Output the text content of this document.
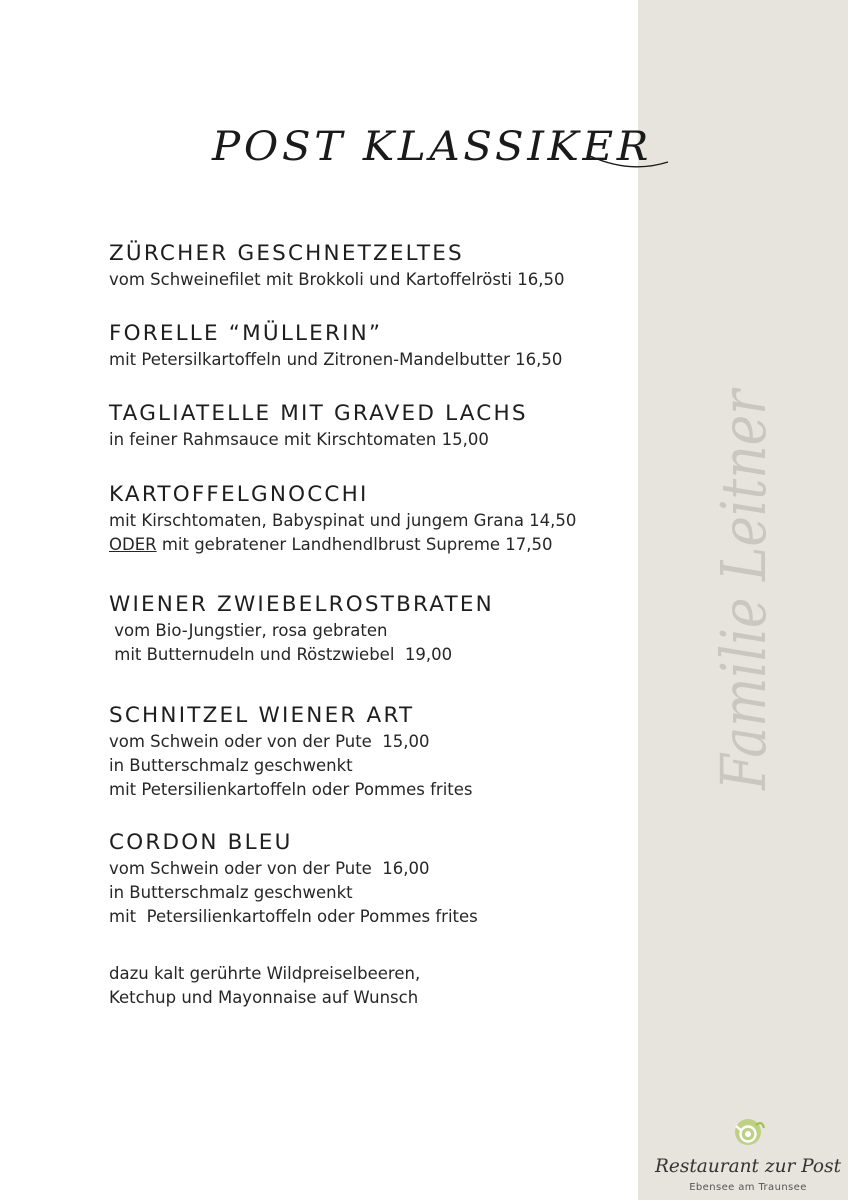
POST KLASSIKER
ZÜRCHER GESCHNETZELTES
vom Schweinefilet mit Brokkoli und Kartoffelrösti 16,50
FORELLE “MÜLLERIN”
mit Petersilkartoffeln und Zitronen-Mandelbutter 16,50
TAGLIATELLE MIT GRAVED LACHS
in feiner Rahmsauce mit Kirschtomaten 15,00
KARTOFFELGNOCCHI
mit Kirschtomaten, Babyspinat und jungem Grana 14,50
ODER mit gebratener Landhendlbrust Supreme 17,50
WIENER ZWIEBELROSTBRATEN
vom Bio-Jungstier, rosa gebraten
mit Butternudeln und Röstzwiebel  19,00
SCHNITZEL WIENER ART
vom Schwein oder von der Pute  15,00
in Butterschmalz geschwenkt
mit Petersilienkartoffeln oder Pommes frites
CORDON BLEU
vom Schwein oder von der Pute  16,00
in Butterschmalz geschwenkt
mit  Petersilienkartoffeln oder Pommes frites
dazu kalt gerührte Wildpreiselbeeren,
Ketchup und Mayonnaise auf Wunsch
Familie Leitner
Restaurant zur Post
Ebensee am Traunsee
